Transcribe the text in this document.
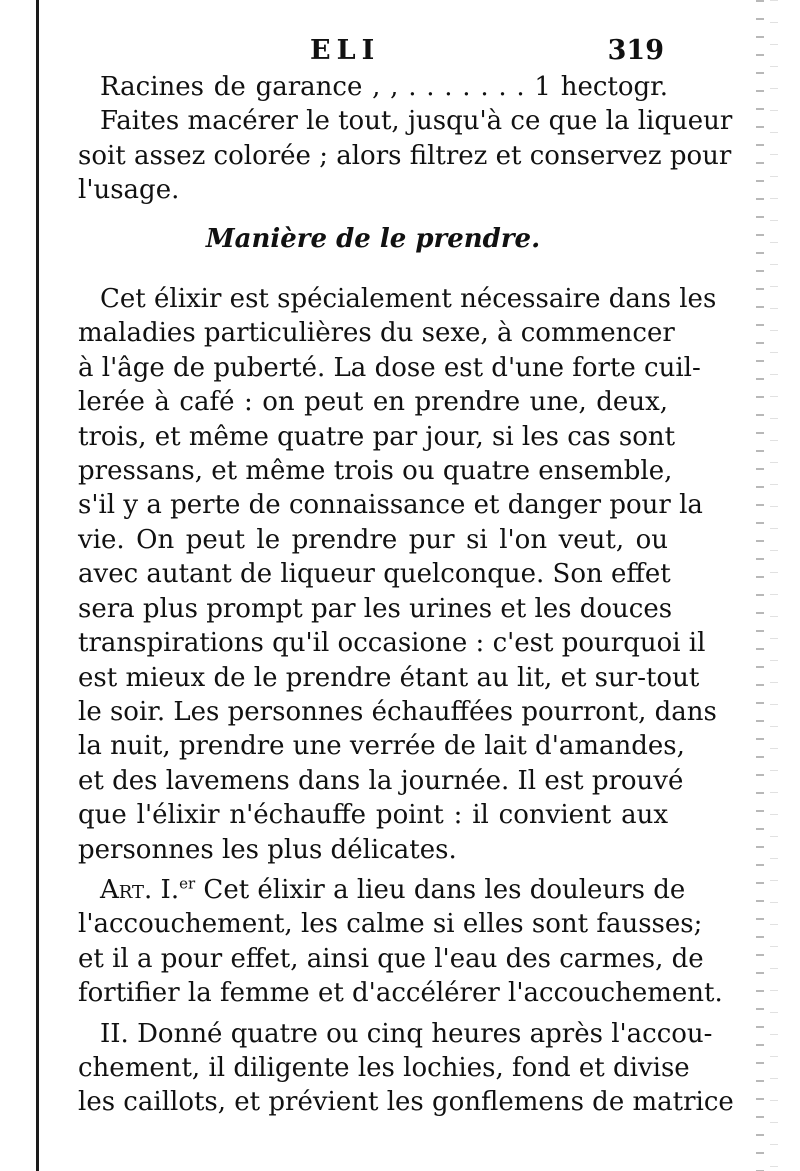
ELI	319
Racines de garance , , . . . . . . . 1 hectogr.
Faites macérer le tout, jusqu'à ce que la liqueur
soit assez colorée ; alors filtrez et conservez pour
l'usage.
Manière de le prendre.
Cet élixir est spécialement nécessaire dans les
maladies particulières du sexe, à commencer
à l'âge de puberté. La dose est d'une forte cuil-
lerée à café : on peut en prendre une, deux,
trois, et même quatre par jour, si les cas sont
pressans, et même trois ou quatre ensemble,
s'il y a perte de connaissance et danger pour la
vie. On peut le prendre pur si l'on veut, ou
avec autant de liqueur quelconque. Son effet
sera plus prompt par les urines et les douces
transpirations qu'il occasione : c'est pourquoi il
est mieux de le prendre étant au lit, et sur-tout
le soir. Les personnes échauffées pourront, dans
la nuit, prendre une verrée de lait d'amandes,
et des lavemens dans la journée. Il est prouvé
que l'élixir n'échauffe point : il convient aux
personnes les plus délicates.
Art. I.$^{er}$ Cet élixir a lieu dans les douleurs de
l'accouchement, les calme si elles sont fausses;
et il a pour effet, ainsi que l'eau des carmes, de
fortifier la femme et d'accélérer l'accouchement.
II. Donné quatre ou cinq heures après l'accou-
chement, il diligente les lochies, fond et divise
les caillots, et prévient les gonflemens de matrice
